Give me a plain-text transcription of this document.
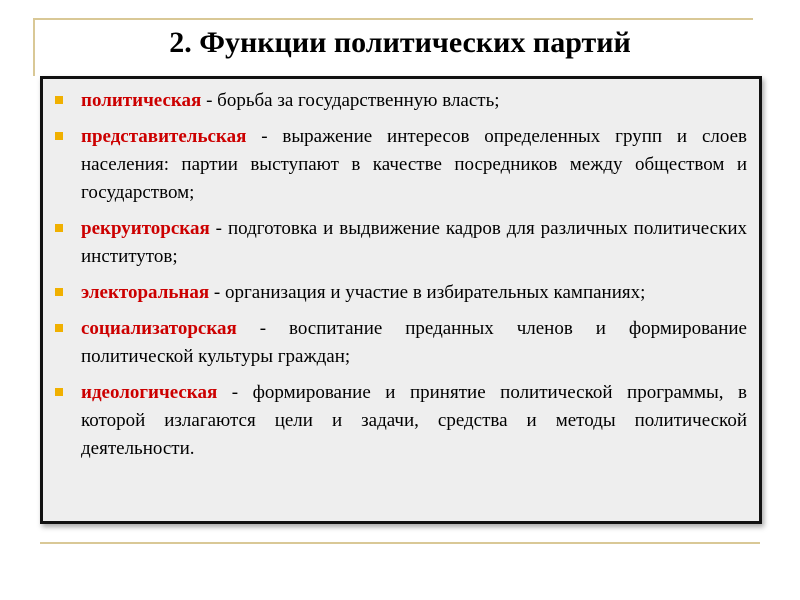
2. Функции политических партий
политическая - борьба за государственную власть;
представительская - выражение интересов определенных групп и слоев населения: партии выступают в качестве посредников между обществом и государством;
рекруиторская - подготовка и выдвижение кадров для различных политических институтов;
электоральная - организация и участие в избирательных кампаниях;
социализаторская - воспитание преданных членов и формирование политической культуры граждан;
идеологическая - формирование и принятие политической программы, в которой излагаются цели и задачи, средства и методы политической деятельности.
